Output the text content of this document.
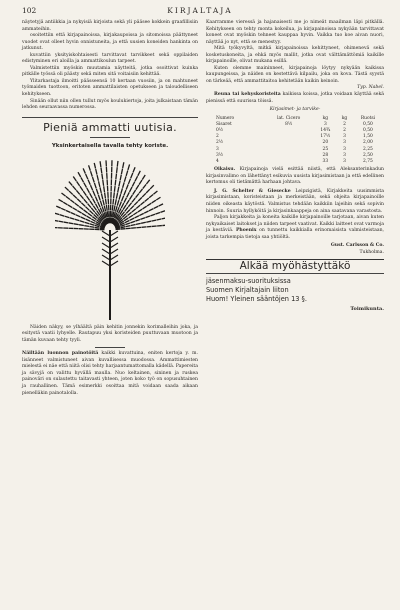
102	KIRJALTAJA

näytetyjä antiikkia ja nykyisiä kirjoista sekä yli pääsee kokkein graafillisiin ammateihin.

osoitettiin että kirjapainoissa, kirjakaupoissa ja sitomoissa päättyneet vuodet ovat olleet hyvin onnistuneita, ja että uusien koneiden hankinta on jatkunut.

kuvattiin yksityiskohtaisesti tarvittavat tarvikkeet sekä oppilaiden edistyminen eri aloilla ja ammattikoulun tarpeet.

Valmistettiin myöskin muutamia näytteitä, jotka osoittivat kuinka pitkälle työssä oli päästy sekä miten sitä voitaisiin kehittää.

Ylitarkastaja ilmoitti päässeensä 10 kertaan vuosiin, ja on mahtuneet työmaiden tuottoon, eritoten ammattilaisten opetukseen ja taloudelliseen kehitykseen.

Sinään ollut niin ollen tullut myös koulukiertoja, joita julkaistaan tämän lehden seuraavassa numerossa.

Pieniä ammatti uutisia.
Yksinkertaisella tavalla tehty koriste.

Näiden näkyy, se ylhäältä päin kehitin jonnekin korimalleihin joka, ja esitystä vaatii lyhyelle. Rautapuu yksi koristeiden puuttuvaan muotoon ja tämän kuvaan tehty tyyli.

Näiltään luonnon painotöitä kaikki kuvattuina, eniten kertoja y. m. lisänneet valmistuneet aivan kuvallisessa muodossa. Ammattimiesten mielestä ei näe että niitä olisi tehty harjaantumattomalla kädellä. Papereita ja sävyjä on valittu hyvällä maulla. Nuo keltainen, sininen ja ruskea painoväri on sulautettu taitavasti yhteen, joten koko työ on sopusuhtainen ja rauhallinen. Tämä esimerkki osoittaa mitä voidaan saada aikaan pienelläkin painotalolla.

Kaarramme vieressä ja hajanaisesti me jo nimeät maailman läpi pitkällä. Kehitykseen on tehty monta kokeilua, ja kirjapainoissa nykyään tarvittavat koneet ovat myöskin tehneet kauppaa hyvin. Vaikka tuo koe aivan nuori, näyttää jo nyt, että se menestyy.

Mitä työkyvyltä, mitkä kirjapainoissa kehittyneet, ohimenevä sekä kosketuskoneita, ja ehkä myös mallit, jotka ovat välttämättömiä kaikille kirjapainoille, olivat mukana esillä.

Kuten olemme maininneet, kirjapainoja löytyy nykyään kaikissa kaupungeissa, ja näiden on kestettävä kilpailu, joka on kova. Tästä syystä on tärkeää, että ammattitaitoa kehitetään kaikin keinoin.

Typ. Nabel.

Reuna tai kehyskoristeita kaikissa koissa, jotka voidaan käyttää sekä pienissä että suurissa töissä.

Kirjasimet- ja tarvike-
Numero	lat. Cicero	kg	kg	Ruotsi
Sisaret	8½	3	2	0,50
0½		14¾	2	0,50
2		17½	3	1,50
2½		20	3	2,00
3		25	3	2,25
3½		28	3	2,50
4		33	3	2,75

Oikaisu. Kirjapainoja vielä esittää niistä, että Aleksanterinkadun kirjasinvalimo on lähettänyt esikuvia uusista kirjasimistaan ja että edellinen kertomus oli tietämättä harhaan johtava.

J. G. Schelter & Giesecke Leipzigistä, Kirjakkeita uusimmista kirjasimistaan, koristeistaan ja merkeistään, sekä ohjeita kirjapainoille niiden oikeasta käytöstä. Valmistus tehdään kaikkiin lajeihin sekä sopivin hinnoin. Suuria hyllyköitä ja kirjasinkaappeja on aina saatavana varastosta.

Paljon kirjakkeita ja koneita kaikille kirjapainoille tarjotaan, aivan kuten nykyaikaiset laitokset ja niiden tarpeet vaativat. Kaikki laitteet ovat varmoja ja kestäviä. Phoenix on tunnettu kaikkialla erinomaisista valmisteistaan, joista tarkempia tietoja saa yhtiöltä.

Gust. Carlsson & Co.

Tukholma.

Alkää myöhästyttäkö
jäsenmaksu-suorituksissa
Suomen Kirjaltajain liiton
Huom! Yleinen sääntöjen 13 §.
Toimikunta.
